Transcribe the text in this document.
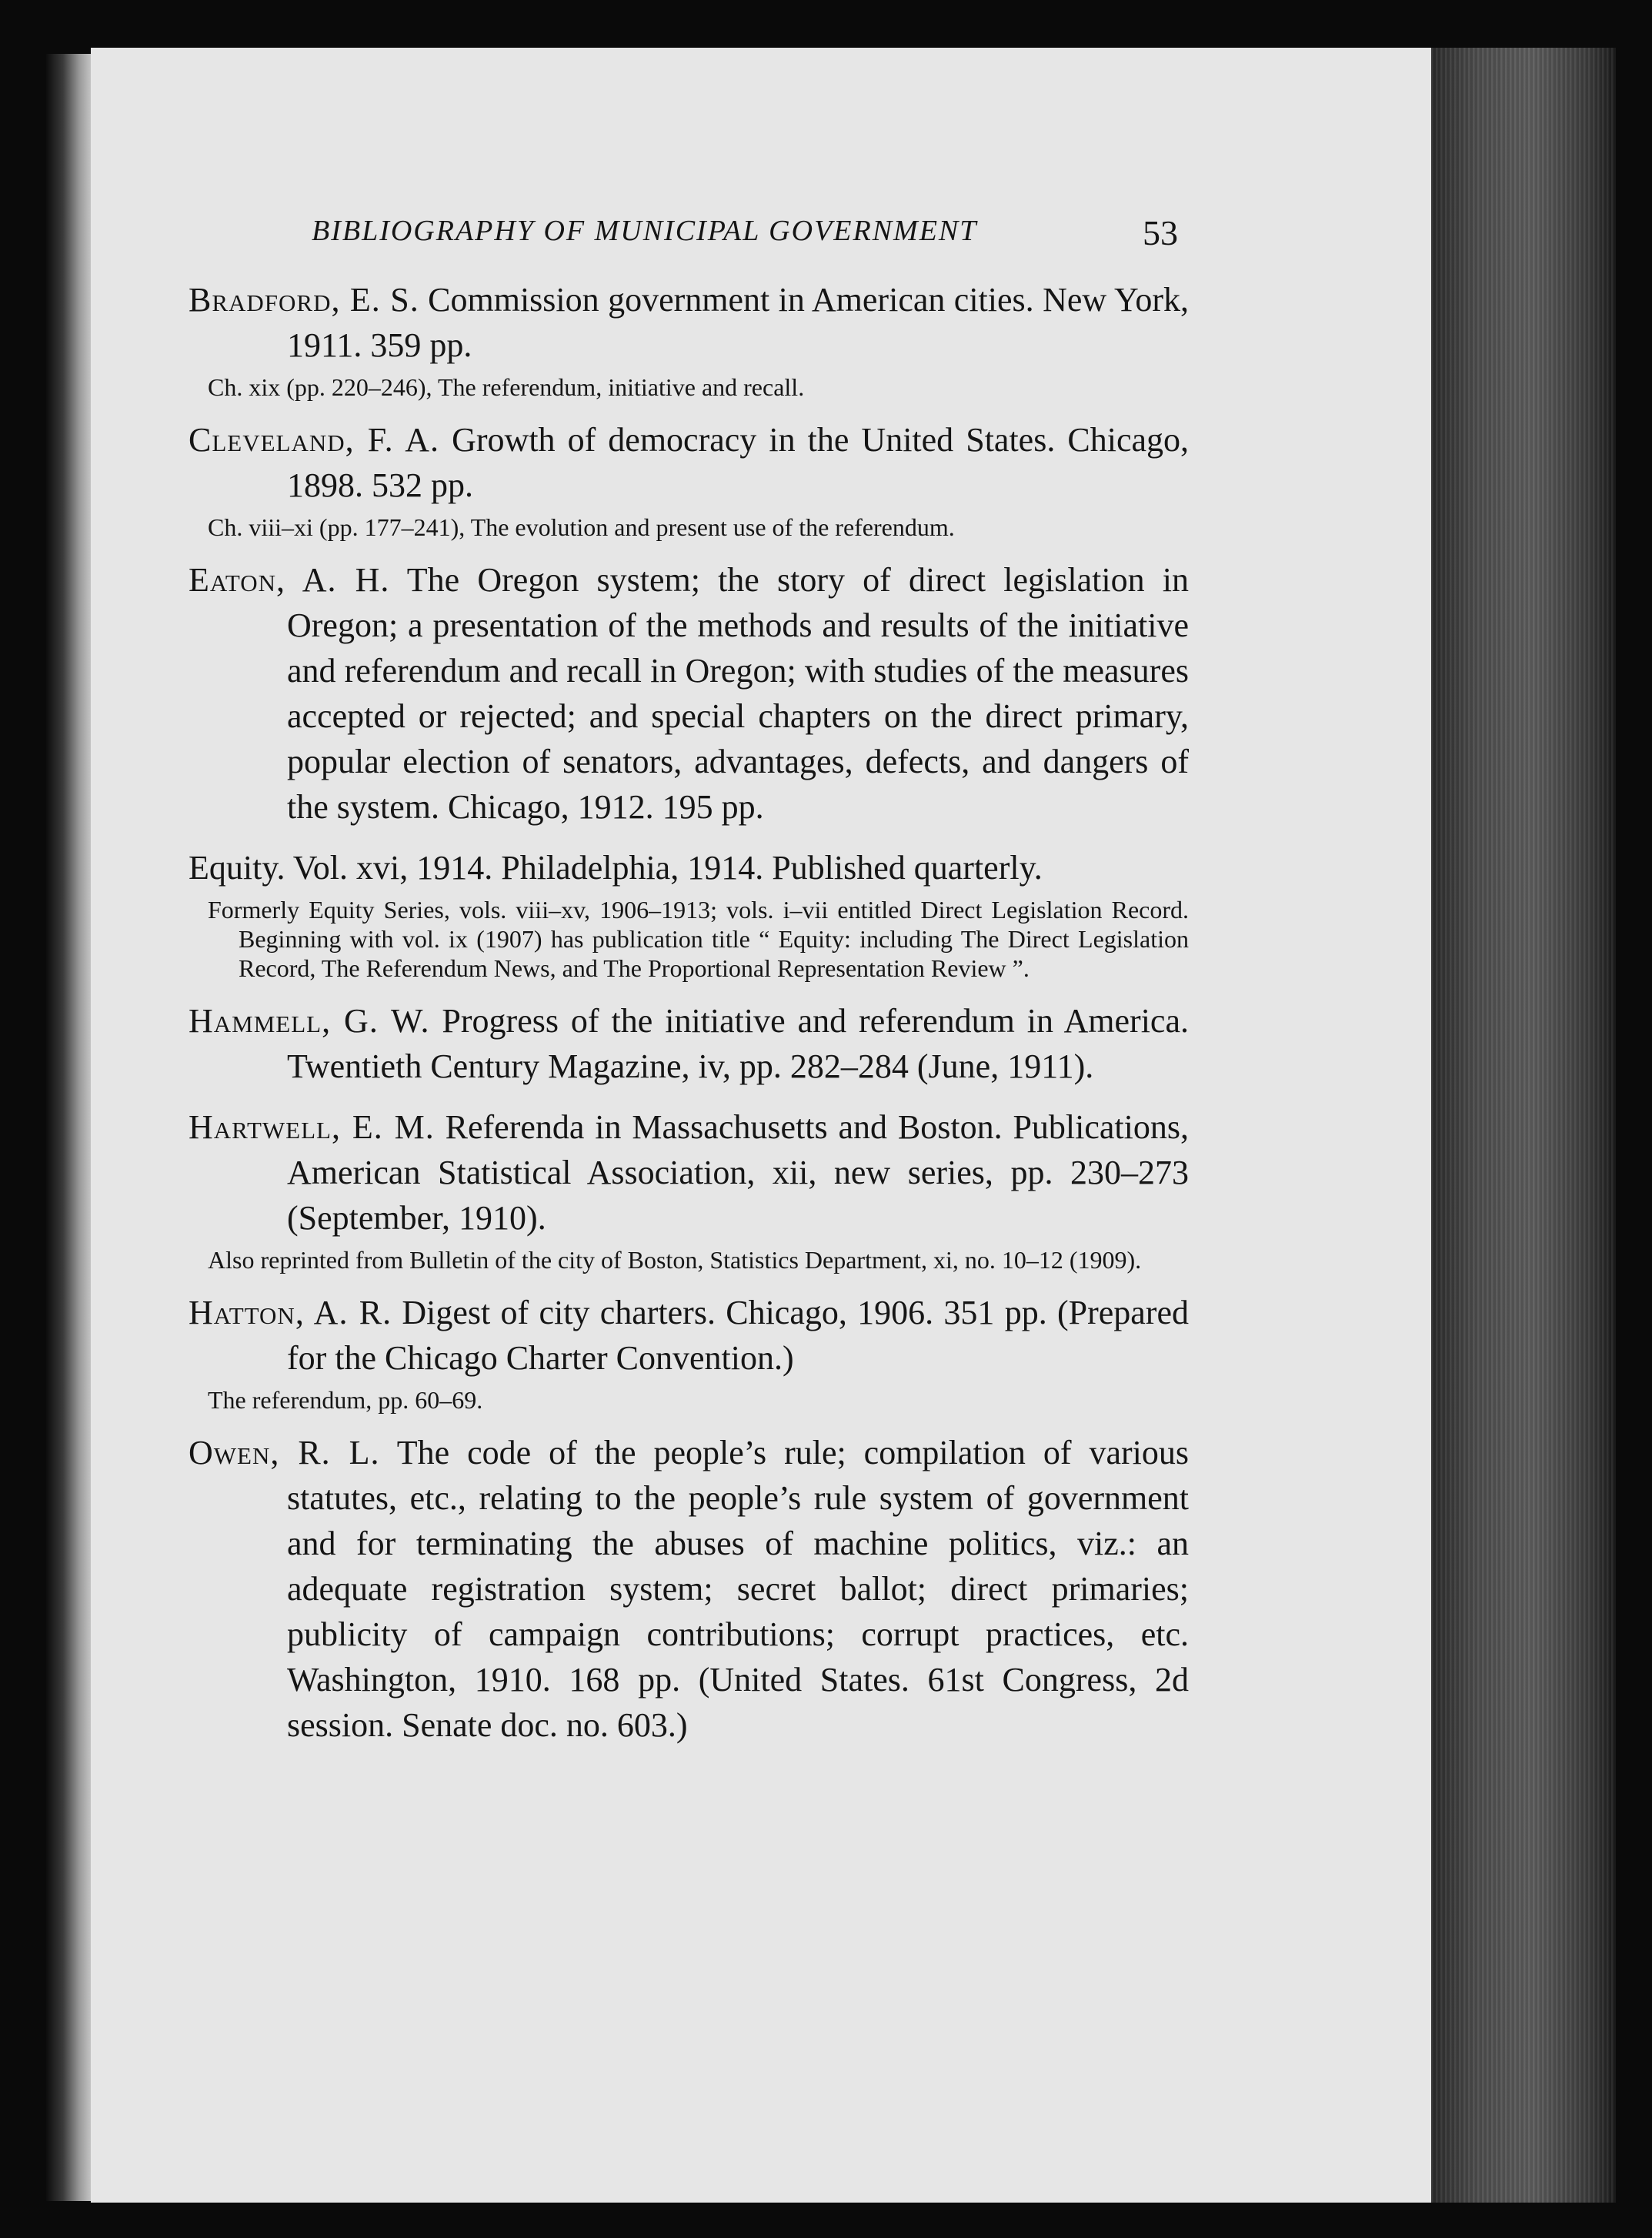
BIBLIOGRAPHY OF MUNICIPAL GOVERNMENT	53
Bradford, E. S. Commission government in American cities. New York, 1911. 359 pp.
Ch. xix (pp. 220–246), The referendum, initiative and recall.
Cleveland, F. A. Growth of democracy in the United States. Chicago, 1898. 532 pp.
Ch. viii–xi (pp. 177–241), The evolution and present use of the referendum.
Eaton, A. H. The Oregon system; the story of direct legislation in Oregon; a presentation of the methods and results of the initiative and referendum and recall in Oregon; with studies of the measures accepted or rejected; and special chapters on the direct primary, popular election of senators, advantages, defects, and dangers of the system. Chicago, 1912. 195 pp.
Equity. Vol. xvi, 1914. Philadelphia, 1914. Published quarterly.
Formerly Equity Series, vols. viii–xv, 1906–1913; vols. i–vii entitled Direct Legislation Record. Beginning with vol. ix (1907) has publication title “ Equity: including The Direct Legislation Record, The Referendum News, and The Proportional Representation Review ”.
Hammell, G. W. Progress of the initiative and referendum in America. Twentieth Century Magazine, iv, pp. 282–284 (June, 1911).
Hartwell, E. M. Referenda in Massachusetts and Boston. Publications, American Statistical Association, xii, new series, pp. 230–273 (September, 1910).
Also reprinted from Bulletin of the city of Boston, Statistics Department, xi, no. 10–12 (1909).
Hatton, A. R. Digest of city charters. Chicago, 1906. 351 pp. (Prepared for the Chicago Charter Convention.)
The referendum, pp. 60–69.
Owen, R. L. The code of the people’s rule; compilation of various statutes, etc., relating to the people’s rule system of government and for terminating the abuses of machine politics, viz.: an adequate registration system; secret ballot; direct primaries; publicity of campaign contributions; corrupt practices, etc. Washington, 1910. 168 pp. (United States. 61st Congress, 2d session. Senate doc. no. 603.)
